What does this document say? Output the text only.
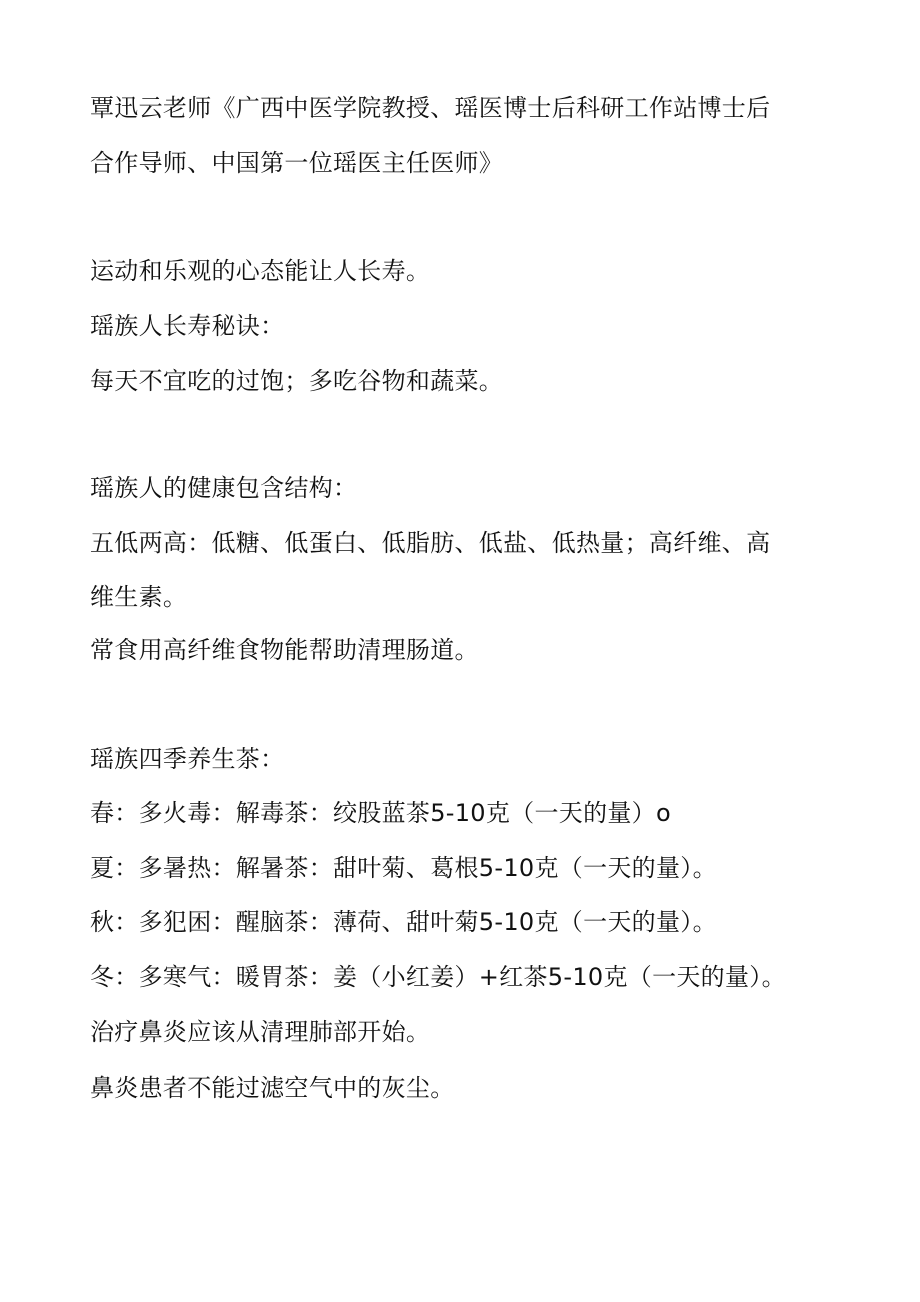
覃迅云老师《广西中医学院教授、瑶医博士后科研工作站博士后
合作导师、中国第一位瑶医主任医师》
运动和乐观的心态能让人长寿。
瑶族人长寿秘诀：
每天不宜吃的过饱；多吃谷物和蔬菜。
瑶族人的健康包含结构：
五低两高：低糖、低蛋白、低脂肪、低盐、低热量；高纤维、高
维生素。
常食用高纤维食物能帮助清理肠道。
瑶族四季养生茶：
春：多火毒：解毒茶：绞股蓝茶5-10克（一天的量）o
夏：多暑热：解暑茶：甜叶菊、葛根5-10克（一天的量）。
秋：多犯困：醒脑茶：薄荷、甜叶菊5-10克（一天的量）。
冬：多寒气：暖胃茶：姜（小红姜）+红茶5-10克（一天的量）。
治疗鼻炎应该从清理肺部开始。
鼻炎患者不能过滤空气中的灰尘。
